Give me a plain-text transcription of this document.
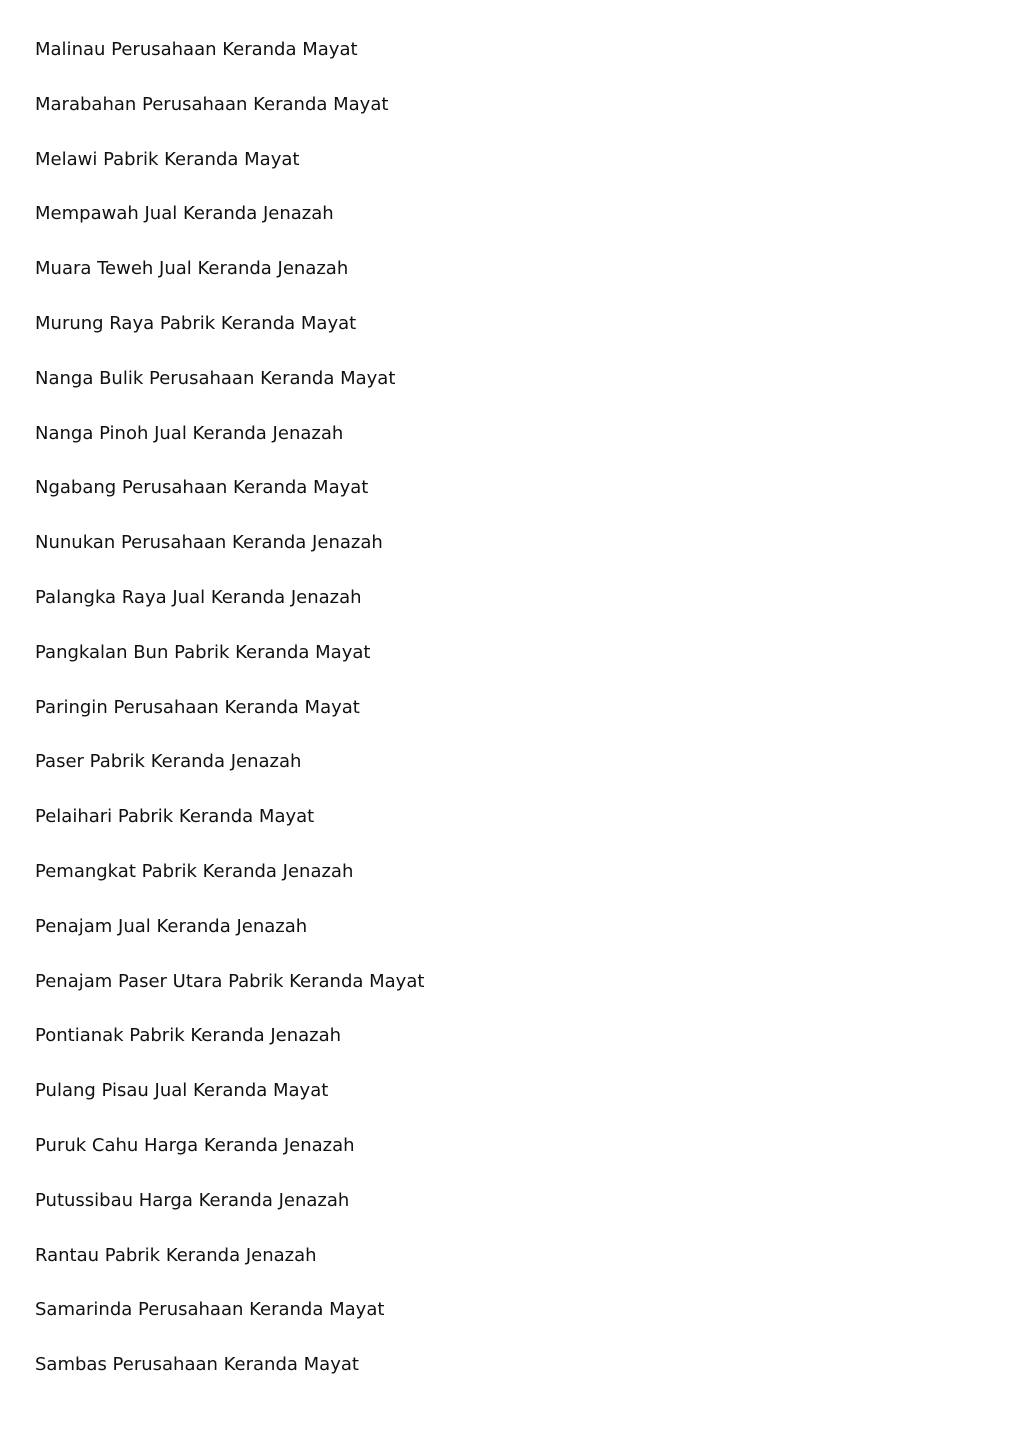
Malinau Perusahaan Keranda Mayat
Marabahan Perusahaan Keranda Mayat
Melawi Pabrik Keranda Mayat
Mempawah Jual Keranda Jenazah
Muara Teweh Jual Keranda Jenazah
Murung Raya Pabrik Keranda Mayat
Nanga Bulik Perusahaan Keranda Mayat
Nanga Pinoh Jual Keranda Jenazah
Ngabang Perusahaan Keranda Mayat
Nunukan Perusahaan Keranda Jenazah
Palangka Raya Jual Keranda Jenazah
Pangkalan Bun Pabrik Keranda Mayat
Paringin Perusahaan Keranda Mayat
Paser Pabrik Keranda Jenazah
Pelaihari Pabrik Keranda Mayat
Pemangkat Pabrik Keranda Jenazah
Penajam Jual Keranda Jenazah
Penajam Paser Utara Pabrik Keranda Mayat
Pontianak Pabrik Keranda Jenazah
Pulang Pisau Jual Keranda Mayat
Puruk Cahu Harga Keranda Jenazah
Putussibau Harga Keranda Jenazah
Rantau Pabrik Keranda Jenazah
Samarinda Perusahaan Keranda Mayat
Sambas Perusahaan Keranda Mayat
